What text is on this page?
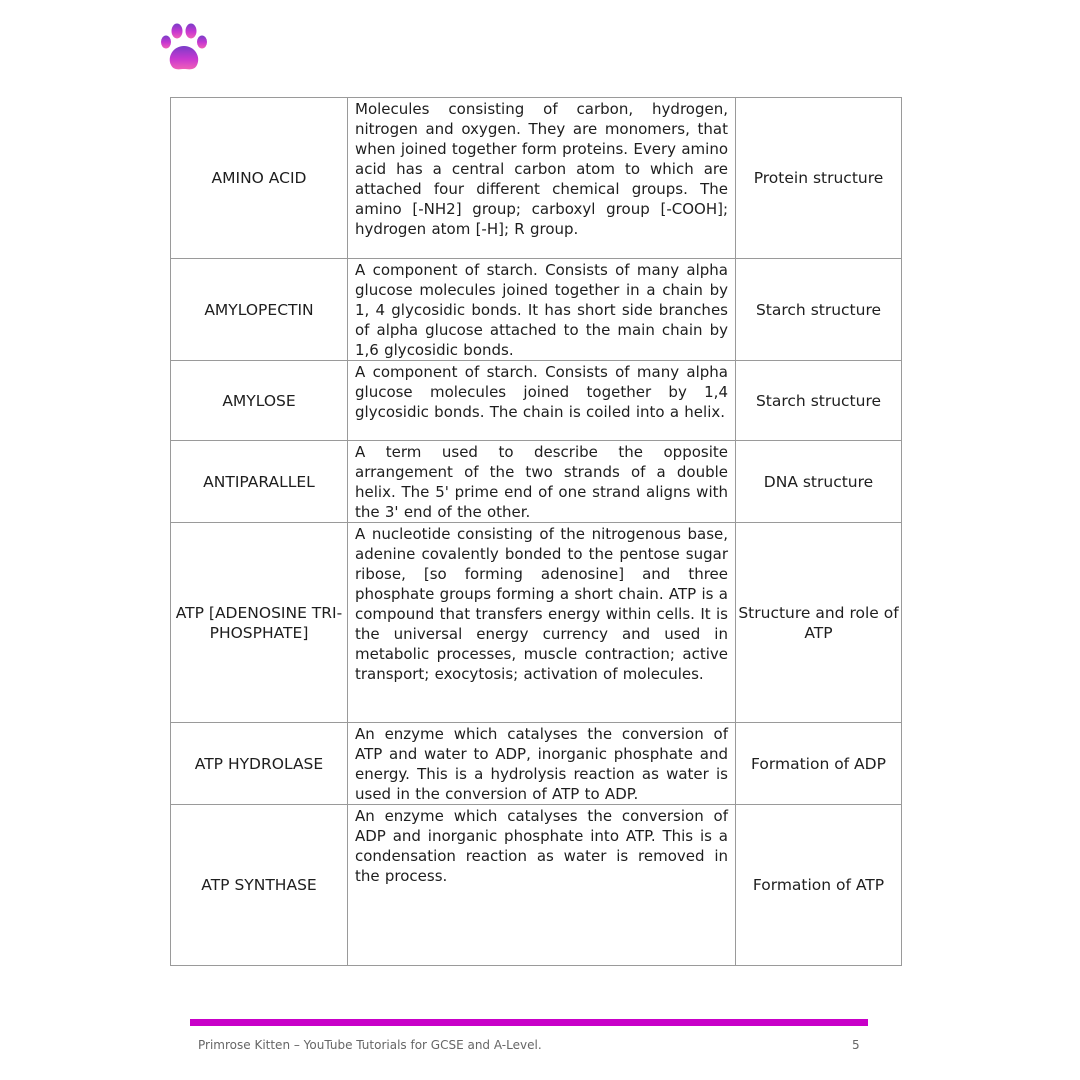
AMINO ACID	Molecules consisting of carbon, hydrogen, nitrogen and oxygen. They are monomers, that when joined together form proteins. Every amino acid has a central carbon atom to which are attached four different chemical groups. The amino [-NH2] group; carboxyl group [-COOH]; hydrogen atom [-H]; R group.	Protein structure
AMYLOPECTIN	A component of starch. Consists of many alpha glucose molecules joined together in a chain by 1, 4 glycosidic bonds. It has short side branches of alpha glucose attached to the main chain by 1,6 glycosidic bonds.	Starch structure
AMYLOSE	A component of starch. Consists of many alpha glucose molecules joined together by 1,4 glycosidic bonds. The chain is coiled into a helix.	Starch structure
ANTIPARALLEL	A term used to describe the opposite arrangement of the two strands of a double helix. The 5' prime end of one strand aligns with the 3' end of the other.	DNA structure
ATP [ADENOSINE TRI-PHOSPHATE]	A nucleotide consisting of the nitrogenous base, adenine covalently bonded to the pentose sugar ribose, [so forming adenosine] and three phosphate groups forming a short chain. ATP is a compound that transfers energy within cells. It is the universal energy currency and used in metabolic processes, muscle contraction; active transport; exocytosis; activation of molecules.	Structure and role of ATP
ATP HYDROLASE	An enzyme which catalyses the conversion of ATP and water to ADP, inorganic phosphate and energy. This is a hydrolysis reaction as water is used in the conversion of ATP to ADP.	Formation of ADP
ATP SYNTHASE	An enzyme which catalyses the conversion of ADP and inorganic phosphate into ATP. This is a condensation reaction as water is removed in the process.	Formation of ATP
Primrose Kitten – YouTube Tutorials for GCSE and A-Level.	5
